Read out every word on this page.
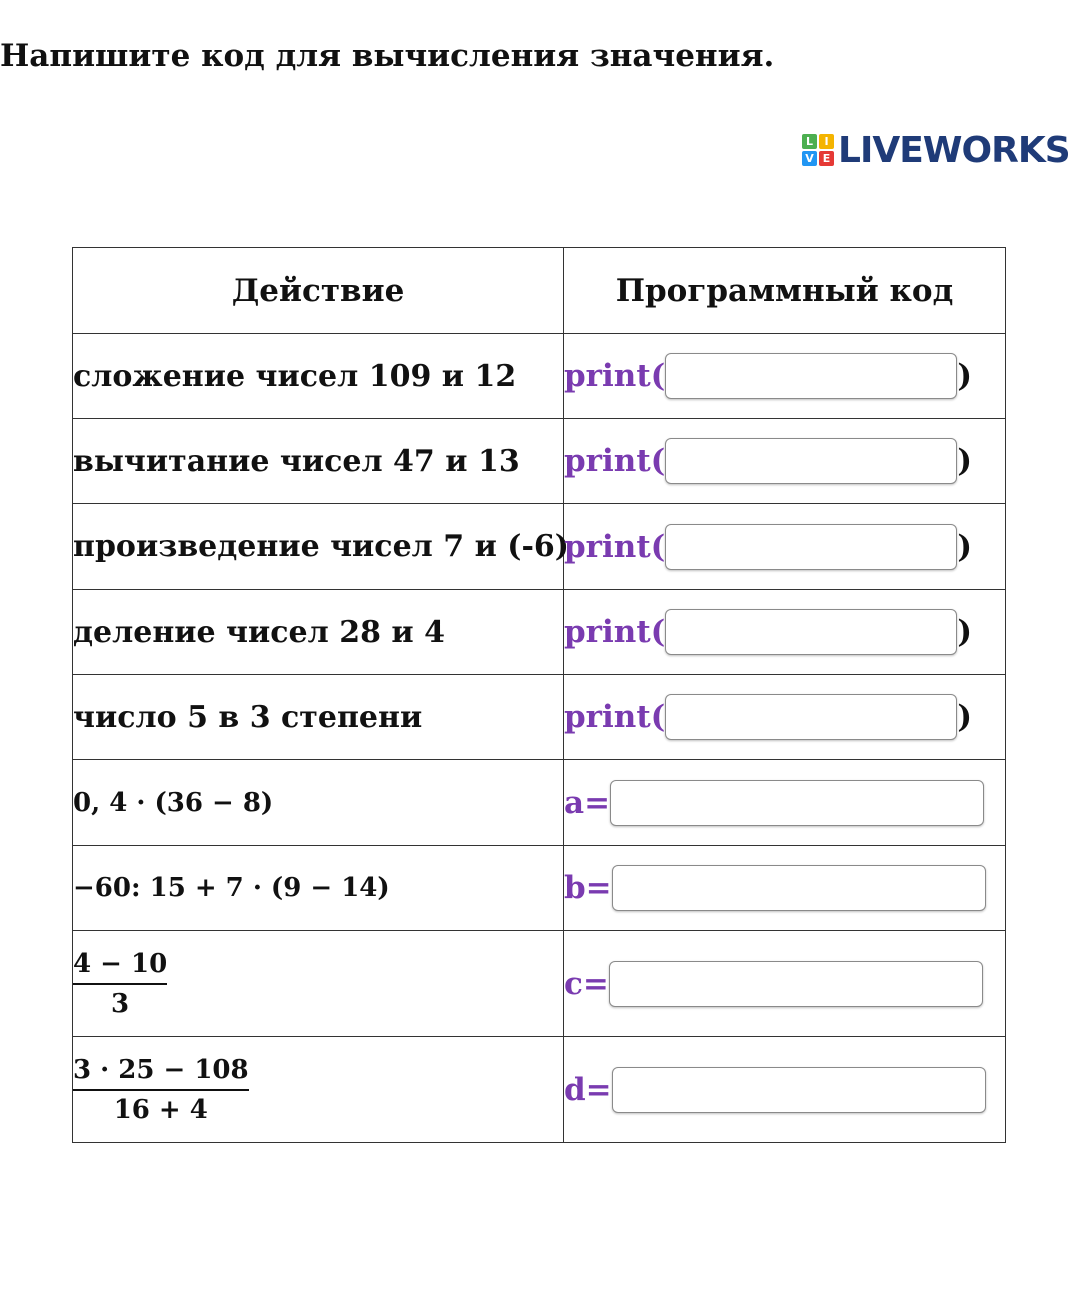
Напишите код для вычисления значения.
L	I
V E LIVEWORKS
Действие	Программный код
сложение чисел 109 и 12	print( )

вычитание чисел 47 и 13	print( )

произведение чисел 7 и (-6)	print( )

деление чисел 28 и 4	print( )

число 5 в 3 степени	print( )

0, 4 · (36 − 8)	a=

−60: 15 + 7 · (9 − 14)	b=

$\frac{4 - 10}{3}$	c=

$\frac{3 \cdot 25 - 108}{16 + 4}$	d=
